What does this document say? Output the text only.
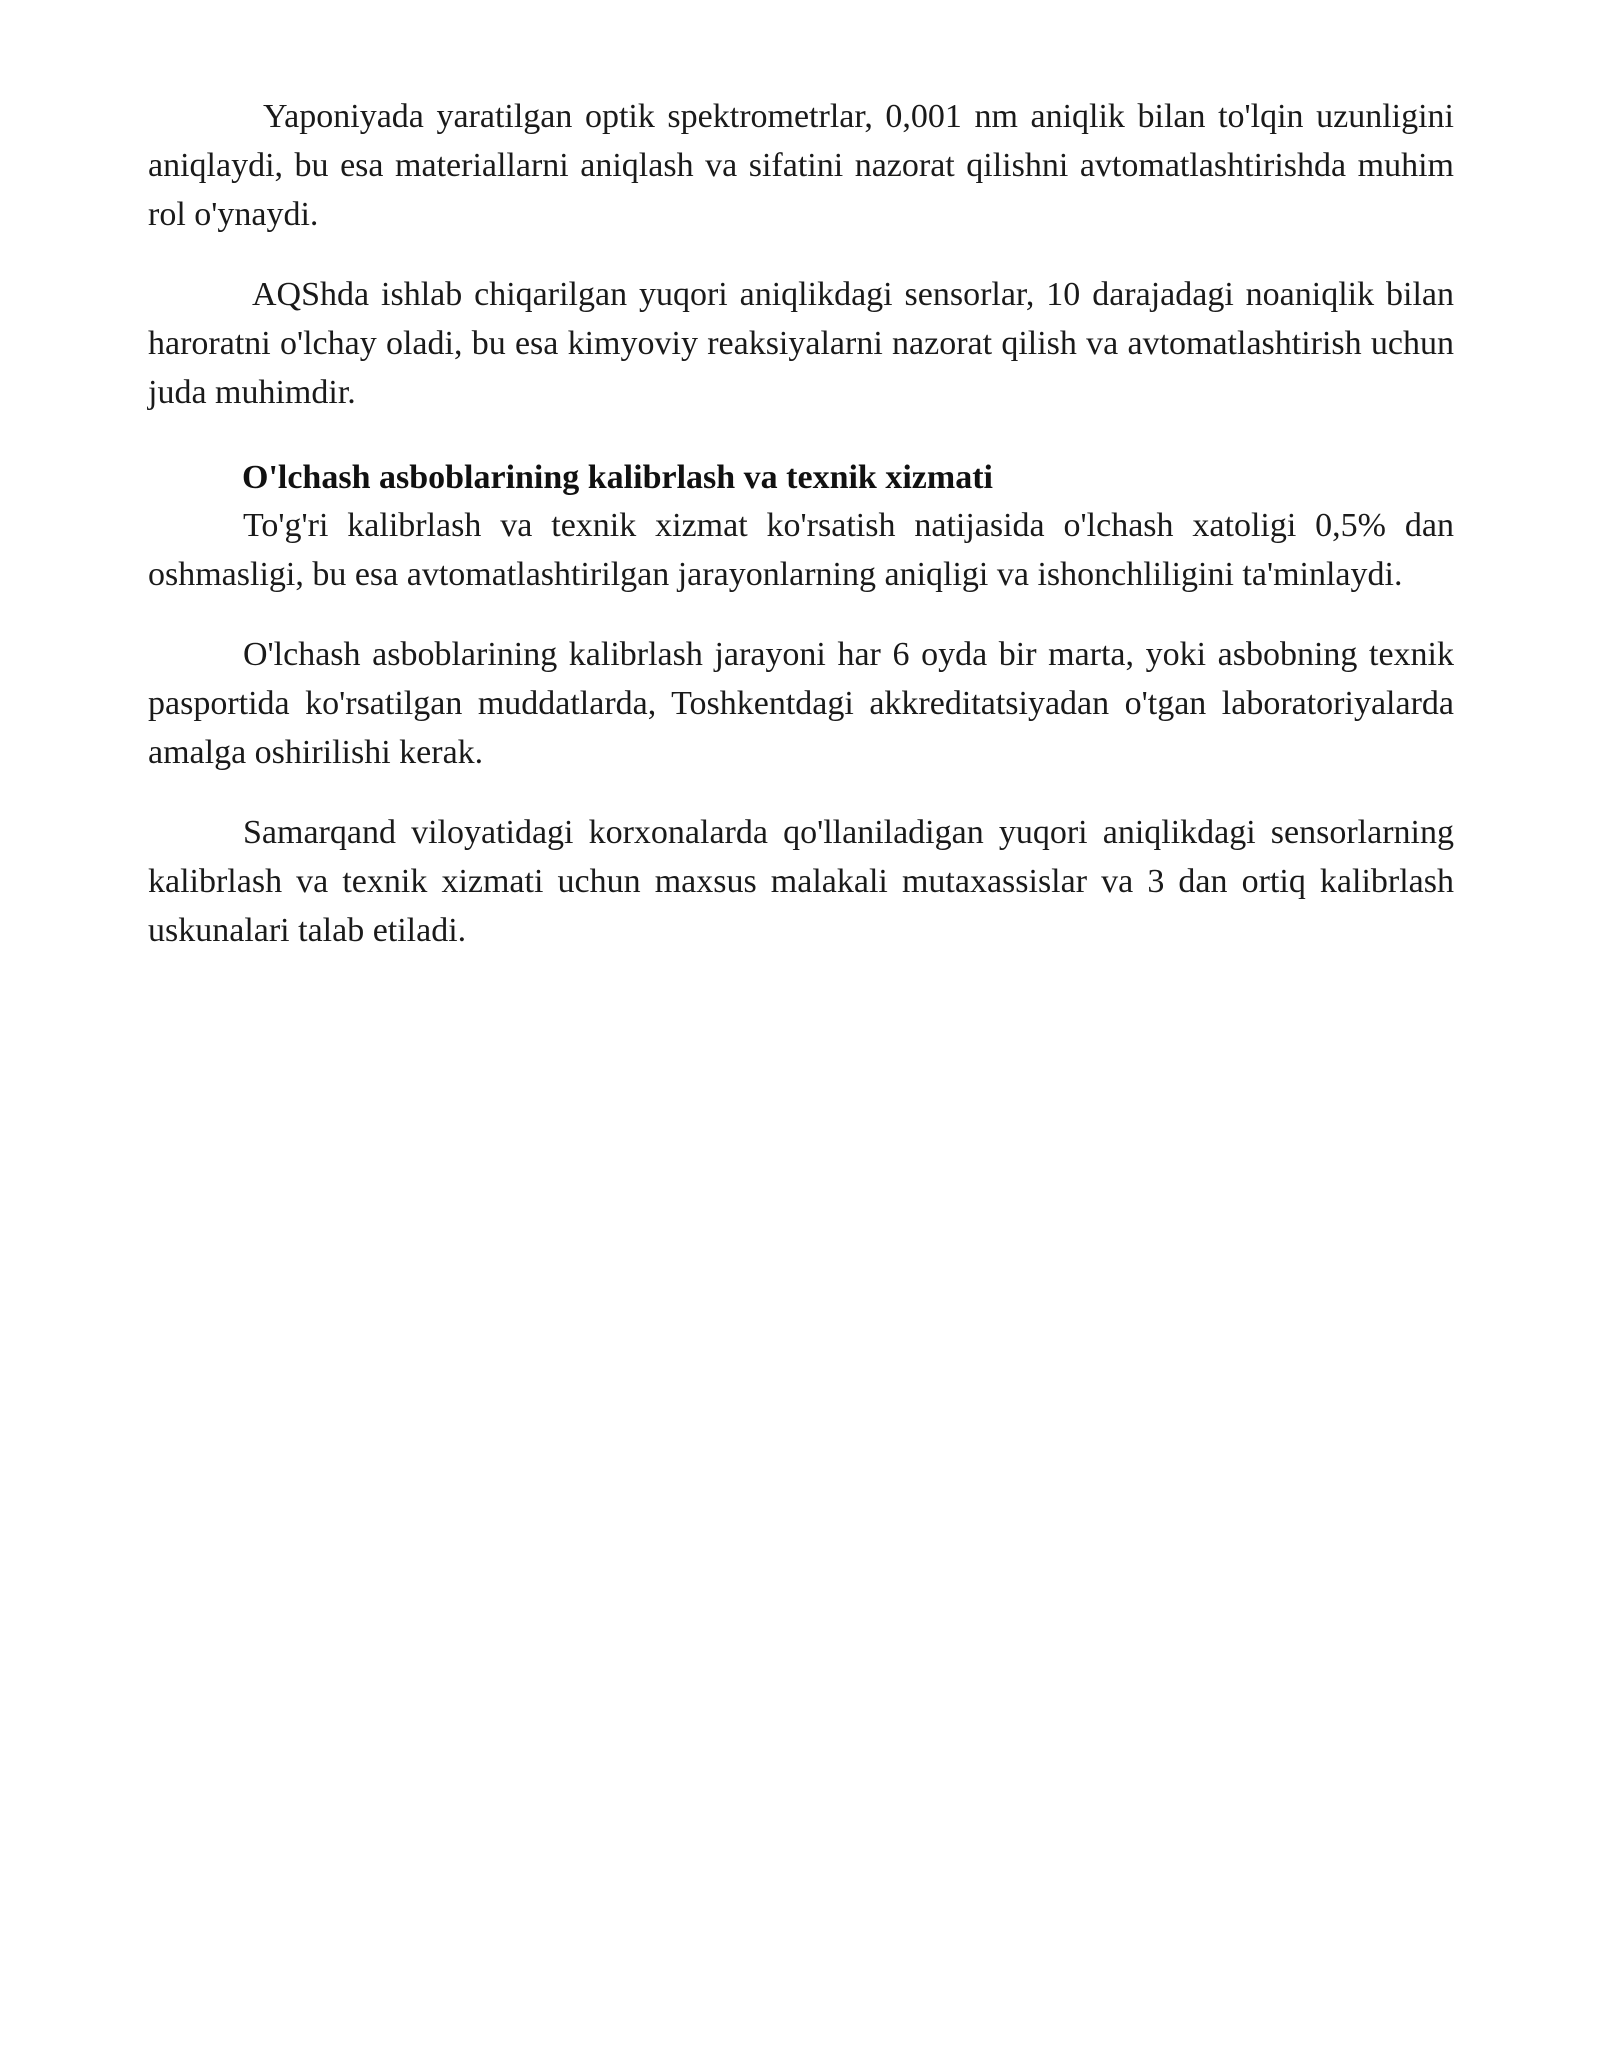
Yaponiyada yaratilgan optik spektrometrlar, 0,001 nm aniqlik bilan to'lqin uzunligini aniqlaydi, bu esa materiallarni aniqlash va sifatini nazorat qilishni avtomatlashtirishda muhim rol o'ynaydi.

AQShda ishlab chiqarilgan yuqori aniqlikdagi sensorlar, 10 darajadagi noaniqlik bilan haroratni o'lchay oladi, bu esa kimyoviy reaksiyalarni nazorat qilish va avtomatlashtirish uchun juda muhimdir.

O'lchash asboblarining kalibrlash va texnik xizmati

To'g'ri kalibrlash va texnik xizmat ko'rsatish natijasida o'lchash xatoligi 0,5% dan oshmasligi, bu esa avtomatlashtirilgan jarayonlarning aniqligi va ishonchliligini ta'minlaydi.

O'lchash asboblarining kalibrlash jarayoni har 6 oyda bir marta, yoki asbobning texnik pasportida ko'rsatilgan muddatlarda, Toshkentdagi akkreditatsiyadan o'tgan laboratoriyalarda amalga oshirilishi kerak.

Samarqand viloyatidagi korxonalarda qo'llaniladigan yuqori aniqlikdagi sensorlarning kalibrlash va texnik xizmati uchun maxsus malakali mutaxassislar va 3 dan ortiq kalibrlash uskunalari talab etiladi.
